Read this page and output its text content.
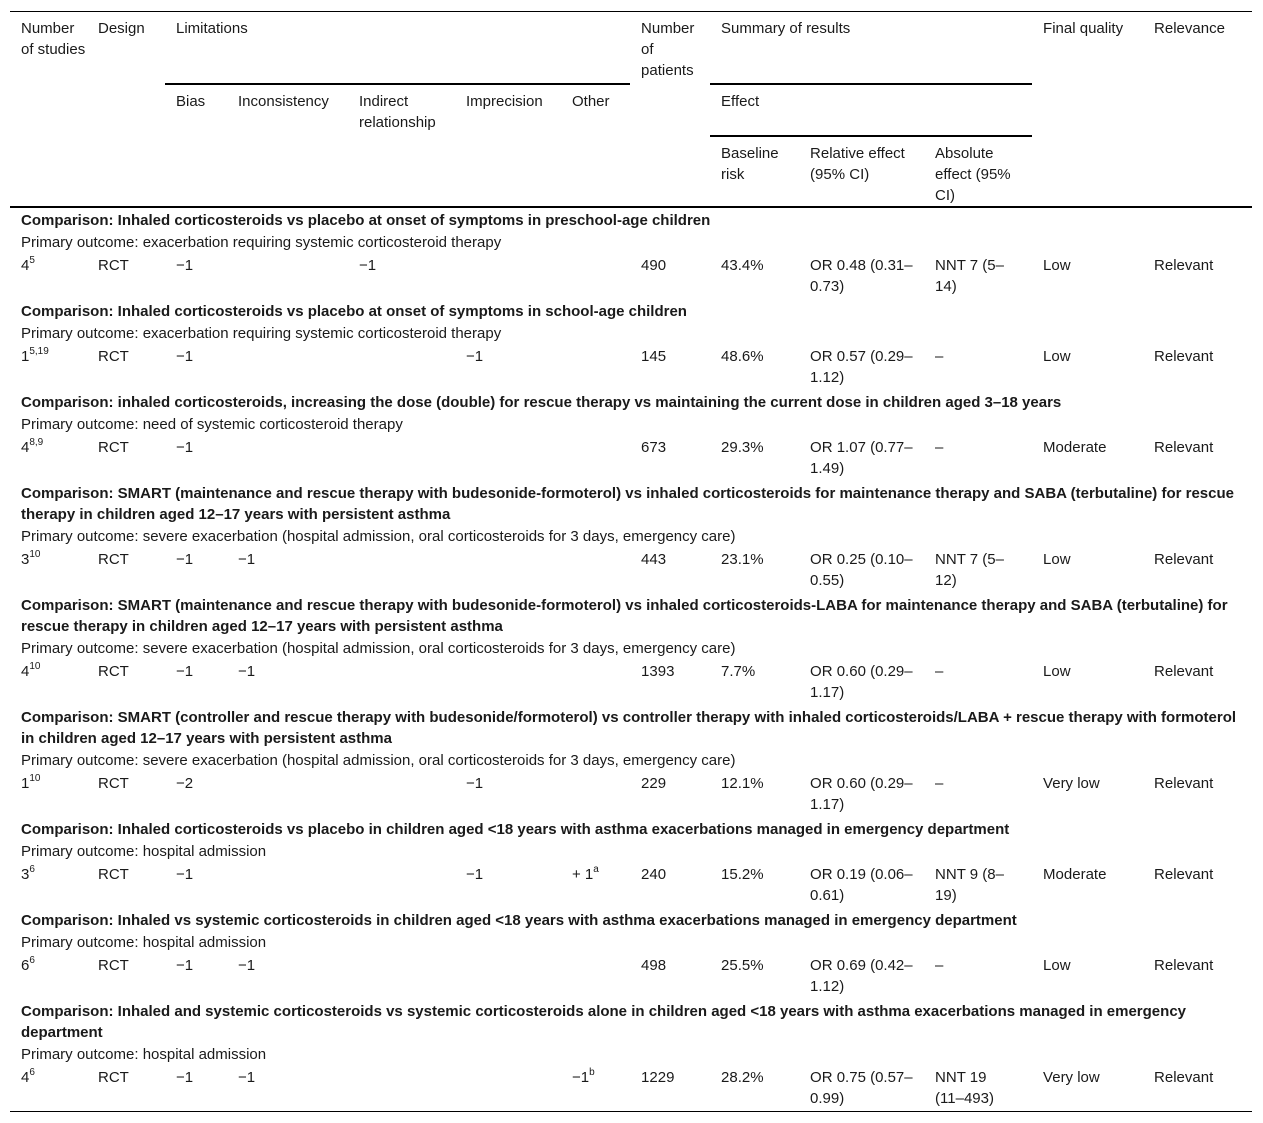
Number of studies	Design	Limitations					Number of patients	Summary of results			Final quality	Relevance
		Bias	Inconsistency	Indirect relationship	Imprecision	Other		Effect				
								Baseline risk	Relative effect (95% CI)	Absolute effect (95% CI)		
Comparison: Inhaled corticosteroids vs placebo at onset of symptoms in preschool-age children												
Primary outcome: exacerbation requiring systemic corticosteroid therapy												
$4^5$	RCT	−1		−1			490	43.4%	OR 0.48 (0.31–0.73)	NNT 7 (5–14)	Low	Relevant
Comparison: Inhaled corticosteroids vs placebo at onset of symptoms in school-age children												
Primary outcome: exacerbation requiring systemic corticosteroid therapy												
1$^{5,19}$	RCT	−1			−1		145	48.6%	OR 0.57 (0.29–1.12)	–	Low	Relevant
Comparison: inhaled corticosteroids, increasing the dose (double) for rescue therapy vs maintaining the current dose in children aged 3–18 years												
Primary outcome: need of systemic corticosteroid therapy												
4$^{8,9}$	RCT	−1					673	29.3%	OR 1.07 (0.77–1.49)	–	Moderate	Relevant
Comparison: SMART (maintenance and rescue therapy with budesonide-formoterol) vs inhaled corticosteroids for maintenance therapy and SABA (terbutaline) for rescue therapy in children aged 12–17 years with persistent asthma												
Primary outcome: severe exacerbation (hospital admission, oral corticosteroids for 3 days, emergency care)												
$3^{10}$	RCT	−1	−1				443	23.1%	OR 0.25 (0.10–0.55)	NNT 7 (5–12)	Low	Relevant
Comparison: SMART (maintenance and rescue therapy with budesonide-formoterol) vs inhaled corticosteroids-LABA for maintenance therapy and SABA (terbutaline) for rescue therapy in children aged 12–17 years with persistent asthma												
Primary outcome: severe exacerbation (hospital admission, oral corticosteroids for 3 days, emergency care)												
$4^{10}$	RCT	−1	−1				1393	7.7%	OR 0.60 (0.29–1.17)	–	Low	Relevant
Comparison: SMART (controller and rescue therapy with budesonide/formoterol) vs controller therapy with inhaled corticosteroids/LABA + rescue therapy with formoterol in children aged 12–17 years with persistent asthma												
Primary outcome: severe exacerbation (hospital admission, oral corticosteroids for 3 days, emergency care)												
$1^{10}$	RCT	−2			−1		229	12.1%	OR 0.60 (0.29–1.17)	–	Very low	Relevant
Comparison: Inhaled corticosteroids vs placebo in children aged <18 years with asthma exacerbations managed in emergency department												
Primary outcome: hospital admission												
$3^6$	RCT	−1			−1	+ $1^a$	240	15.2%	OR 0.19 (0.06–0.61)	NNT 9 (8–19)	Moderate	Relevant
Comparison: Inhaled vs systemic corticosteroids in children aged <18 years with asthma exacerbations managed in emergency department												
Primary outcome: hospital admission												
$6^6$	RCT	−1	−1				498	25.5%	OR 0.69 (0.42–1.12)	–	Low	Relevant
Comparison: Inhaled and systemic corticosteroids vs systemic corticosteroids alone in children aged <18 years with asthma exacerbations managed in emergency department												
Primary outcome: hospital admission												
$4^6$	RCT	−1	−1			$-1^b$	1229	28.2%	OR 0.75 (0.57–0.99)	NNT 19 (11–493)	Very low	Relevant
